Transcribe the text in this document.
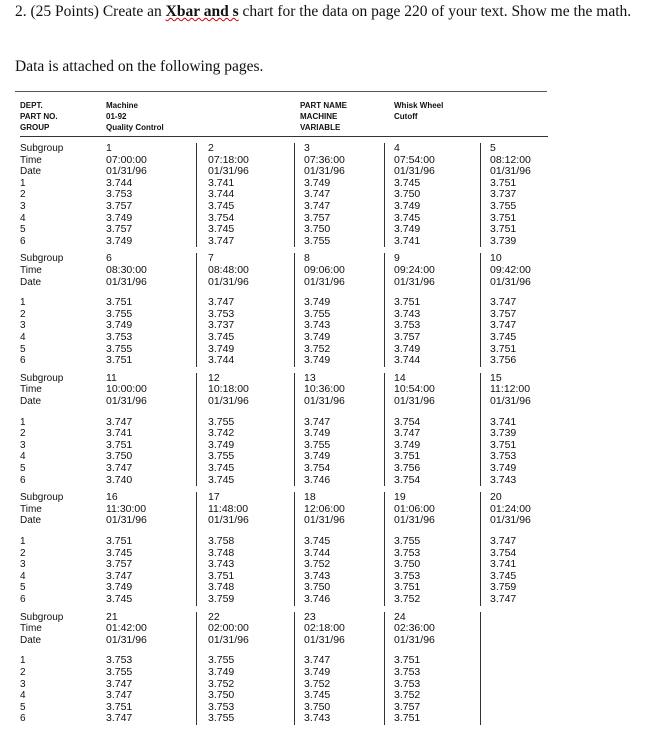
2. (25 Points) Create an Xbar and s chart for the data on page 220 of your text. Show me the math.
Data is attached on the following pages.
DEPT.
PART NO.
GROUP
Machine
01-92
Quality Control
PART NAME
MACHINE
VARIABLE
Whisk Wheel
Cutoff
Subgroup
Time
Date
1
2
3
4
5
6
1
07:00:00
01/31/96
3.744
3.753
3.757
3.749
3.757
3.749
2
07:18:00
01/31/96
3.741
3.744
3.745
3.754
3.745
3.747
3
07:36:00
01/31/96
3.749
3.747
3.747
3.757
3.750
3.755
4
07:54:00
01/31/96
3.745
3.750
3.749
3.745
3.749
3.741
5
08:12:00
01/31/96
3.751
3.737
3.755
3.751
3.751
3.739
Subgroup
Time
Date
1
2
3
4
5
6
6
08:30:00
01/31/96
3.751
3.755
3.749
3.753
3.755
3.751
7
08:48:00
01/31/96
3.747
3.753
3.737
3.745
3.749
3.744
8
09:06:00
01/31/96
3.749
3.755
3.743
3.749
3.752
3.749
9
09:24:00
01/31/96
3.751
3.743
3.753
3.757
3.749
3.744
10
09:42:00
01/31/96
3.747
3.757
3.747
3.745
3.751
3.756
Subgroup
Time
Date
1
2
3
4
5
6
11
10:00:00
01/31/96
3.747
3.741
3.751
3.750
3.747
3.740
12
10:18:00
01/31/96
3.755
3.742
3.749
3.755
3.745
3.745
13
10:36:00
01/31/96
3.747
3.749
3.755
3.749
3.754
3.746
14
10:54:00
01/31/96
3.754
3.747
3.749
3.751
3.756
3.754
15
11:12:00
01/31/96
3.741
3.739
3.751
3.753
3.749
3.743
Subgroup
Time
Date
1
2
3
4
5
6
16
11:30:00
01/31/96
3.751
3.745
3.757
3.747
3.749
3.745
17
11:48:00
01/31/96
3.758
3.748
3.743
3.751
3.748
3.759
18
12:06:00
01/31/96
3.745
3.744
3.752
3.743
3.750
3.746
19
01:06:00
01/31/96
3.755
3.753
3.750
3.753
3.751
3.752
20
01:24:00
01/31/96
3.747
3.754
3.741
3.745
3.759
3.747
Subgroup
Time
Date
1
2
3
4
5
6
21
01:42:00
01/31/96
3.753
3.755
3.747
3.747
3.751
3.747
22
02:00:00
01/31/96
3.755
3.749
3.752
3.750
3.753
3.755
23
02:18:00
01/31/96
3.747
3.749
3.752
3.745
3.750
3.743
24
02:36:00
01/31/96
3.751
3.753
3.753
3.752
3.757
3.751
